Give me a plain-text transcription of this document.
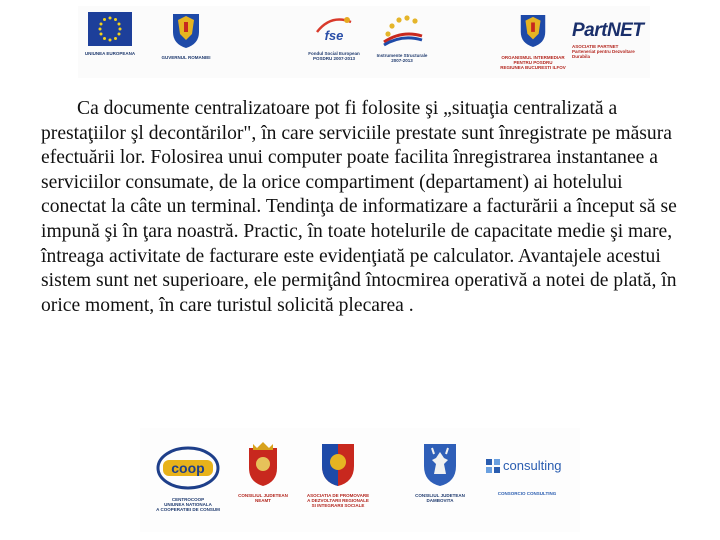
UNIUNEA EUROPEANA
GUVERNUL ROMANIEI
fse
Fondul Social European
POSDRU 2007-2013
Instrumente Structurale
2007-2013
ORGANISMUL INTERMEDIAR
PENTRU POSDRU
REGIUNEA BUCURESTI ILFOV
PartNET
ASOCIATIE PARTNET
Parteneriat pentru Dezvoltare Durabila

Ca documente centralizatoare pot fi folosite şi „situaţia centralizată a prestaţiilor şl decontărilor", în care serviciile prestate sunt înregistrate pe măsura efectuării lor. Folosirea unui computer poate facilita înregistrarea instantanee a serviciilor consumate, de la orice compartiment (departament) ai hotelului conectat la câte un terminal. Tendinţa de informatizare a facturării a început să se impună şi în ţara noastră. Practic, în toate hotelurile de capacitate medie şi mare, întreaga activitate de facturare este evidenţiată pe calculator. Avantajele acestui sistem sunt net superioare, ele permiţând întocmirea operativă a notei de plată, în orice moment, în care turistul solicită plecarea .

coop
CENTROCOOP
UNIUNEA NATIONALA
A COOPERATIEI DE CONSUM
CONSILIUL JUDETEAN
NEAMT
ASOCIATIA DE PROMOVARE
A DEZVOLTARII REGIONALE
SI INTEGRARII SOCIALE
CONSILIUL JUDETEAN
DAMBOVITA
consulting
CONSORCIO CONSULTING
